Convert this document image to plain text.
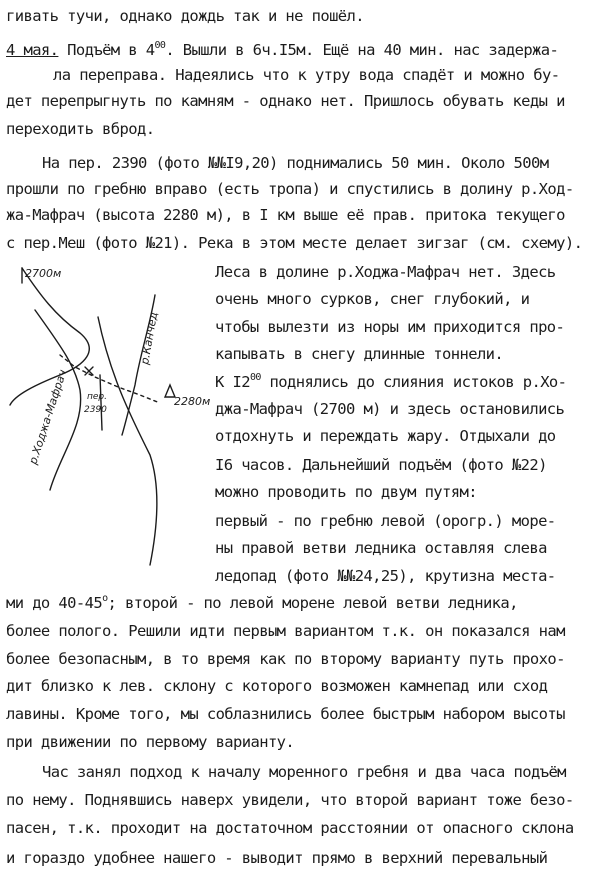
гивать тучи, однако дождь так и не пошёл.
4 мая. Подъём в $4^{00}$. Вышли в 6ч.I5м. Ещё на 40 мин. нас задержа-
ла переправа. Надеялись что к утру вода спадёт и можно бу-
дет перепрыгнуть по камням - однако нет. Пришлось обувать кеды и
переходить вброд.
На пер. 2390 (фото №№I9,20) поднимались 50 мин. Около 500м
прошли по гребню вправо (есть тропа) и спустились в долину р.Ход-
жа-Мафрач (высота 2280 м), в I км выше её прав. притока текущего
с пер.Меш (фото №21). Река в этом месте делает зигзаг (см. схему).
Леса в долине р.Ходжа-Мафрач нет. Здесь
очень много сурков, снег глубокий, и
чтобы вылезти из норы им приходится про-
капывать в снегу длинные тоннели.
К $I2^{00}$ поднялись до слияния истоков р.Хо-
джа-Мафрач (2700 м) и здесь остановились
отдохнуть и переждать жару. Отдыхали до
I6 часов. Дальнейший подъём (фото №22)
можно проводить по двум путям:
первый - по гребню левой (орогр.) море-
ны правой ветви ледника оставляя слева
ледопад (фото №№24,25), крутизна места-
ми до 40-45$^o$; второй - по левой морене левой ветви ледника,
более полого. Решили идти первым вариантом т.к. он показался нам
более безопасным, в то время как по второму варианту путь прохо-
дит близко к лев. склону с которого возможен камнепад или сход
лавины. Кроме того, мы соблазнились более быстрым набором высоты
при движении по первому варианту.
Час занял подход к началу моренного гребня и два часа подъём
по нему. Поднявшись наверх увидели, что второй вариант тоже безо-
пасен, т.к. проходит на достаточном расстоянии от опасного склона
и гораздо удобнее нашего - выводит прямо в верхний перевальный
2700м
2280м
пер.
2390
р.Ходжа-Мафрач
р.Канчед
